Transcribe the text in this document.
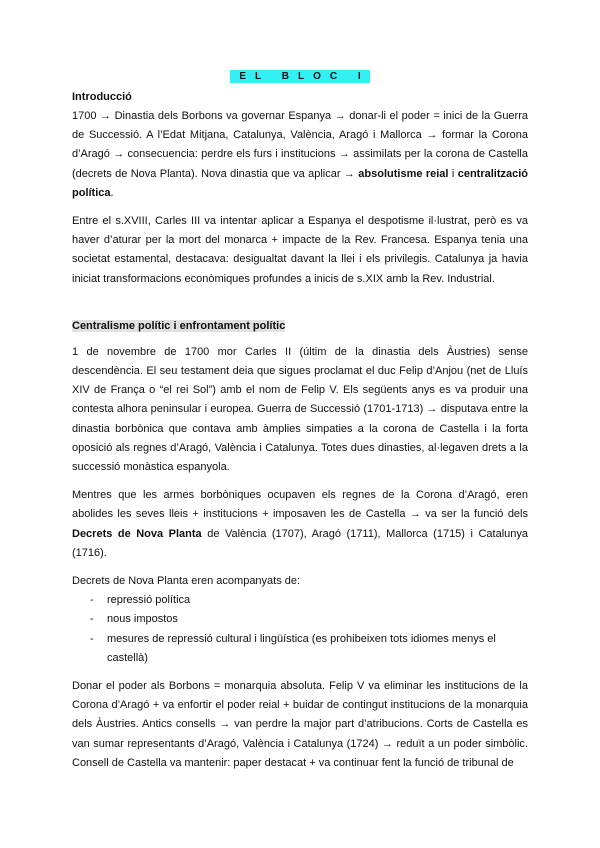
EL BLOC I
Introducció

1700 → Dinastia dels Borbons va governar Espanya → donar-li el poder = inici de la Guerra de Successió. A l’Edat Mitjana, Catalunya, València, Aragó i Mallorca → formar la Corona d’Aragó → consecuencia: perdre els furs i institucions → assimilats per la corona de Castella (decrets de Nova Planta). Nova dinastia que va aplicar → absolutisme reial i centralització política.

Entre el s.XVIII, Carles III va intentar aplicar a Espanya el despotisme il·lustrat, però es va haver d’aturar per la mort del monarca + impacte de la Rev. Francesa. Espanya tenia una societat estamental, destacava: desigualtat davant la llei i els privilegis. Catalunya ja havia iniciat transformacions econòmiques profundes a inicis de s.XIX amb la Rev. Industrial.

Centralisme polític i enfrontament polític

1 de novembre de 1700 mor Carles II (últim de la dinastia dels Àustries) sense descendència. El seu testament deia que sigues proclamat el duc Felip d’Anjou (net de Lluís XIV de França o “el rei Sol”) amb el nom de Felip V. Els següents anys es va produir una contesta alhora peninsular i europea. Guerra de Successió (1701-1713) → disputava entre la dinastia borbònica que contava amb àmplies simpaties a la corona de Castella i la forta oposició als regnes d’Aragó, València i Catalunya. Totes dues dinasties, al·legaven drets a la successió monàstica espanyola.

Mentres que les armes borbòniques ocupaven els regnes de la Corona d’Aragó, eren abolides les seves lleis + institucions + imposaven les de Castella → va ser la funció dels Decrets de Nova Planta de València (1707), Aragó (1711), Mallorca (1715) i Catalunya (1716).

Decrets de Nova Planta eren acompanyats de:

- repressió política
- nous impostos
- mesures de repressió cultural i lingüística (es prohibeixen tots idiomes menys el castellà)

Donar el poder als Borbons = monarquia absoluta. Felip V va eliminar les institucions de la Corona d’Aragó + va enfortir el poder reial + buidar de contingut institucions de la monarquia dels Àustries. Antics consells → van perdre la major part d’atribucions. Corts de Castella es van sumar representants d’Aragó, València i Catalunya (1724) → reduït a un poder simbòlic. Consell de Castella va mantenir: paper destacat + va continuar fent la funció de tribunal de
